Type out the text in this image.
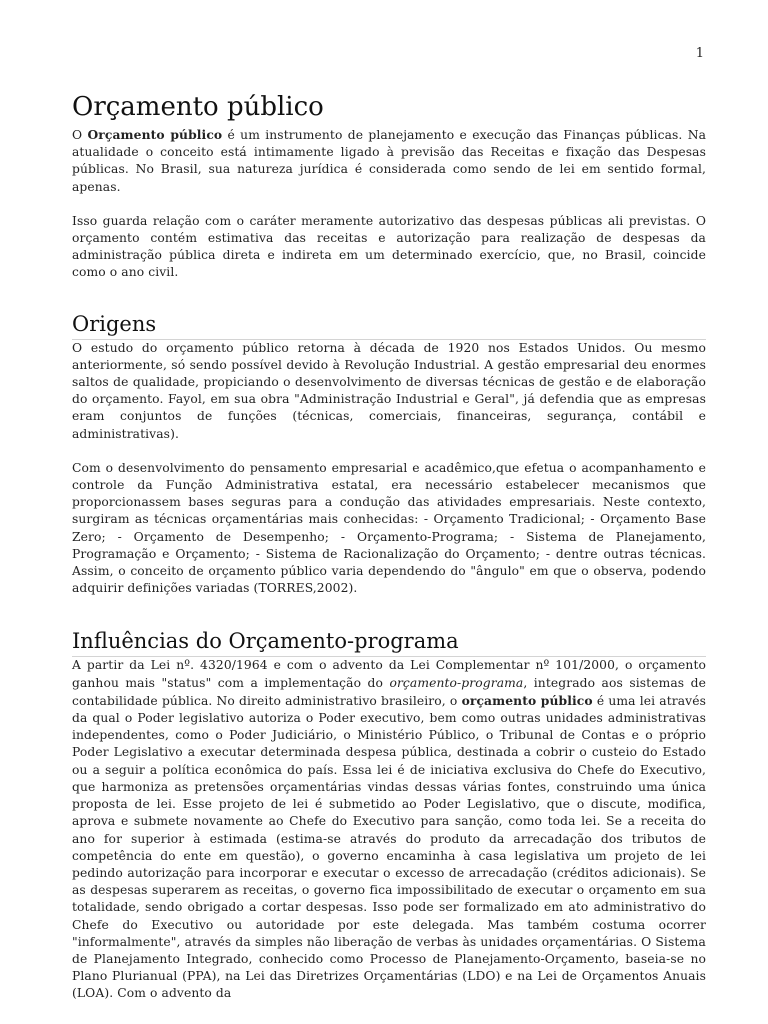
1
Orçamento público

O Orçamento público é um instrumento de planejamento e execução das Finanças públicas. Na atualidade o conceito está intimamente ligado à previsão das Receitas e fixação das Despesas públicas. No Brasil, sua natureza jurídica é considerada como sendo de lei em sentido formal, apenas.

Isso guarda relação com o caráter meramente autorizativo das despesas públicas ali previstas. O orçamento contém estimativa das receitas e autorização para realização de despesas da administração pública direta e indireta em um determinado exercício, que, no Brasil, coincide como o ano civil.

Origens

O estudo do orçamento público retorna à década de 1920 nos Estados Unidos. Ou mesmo anteriormente, só sendo possível devido à Revolução Industrial. A gestão empresarial deu enormes saltos de qualidade, propiciando o desenvolvimento de diversas técnicas de gestão e de elaboração do orçamento. Fayol, em sua obra "Administração Industrial e Geral", já defendia que as empresas eram conjuntos de funções (técnicas, comerciais, financeiras, segurança, contábil e administrativas).

Com o desenvolvimento do pensamento empresarial e acadêmico,que efetua o acompanhamento e controle da Função Administrativa estatal, era necessário estabelecer mecanismos que proporcionassem bases seguras para a condução das atividades empresariais. Neste contexto, surgiram as técnicas orçamentárias mais conhecidas: - Orçamento Tradicional; - Orçamento Base Zero; - Orçamento de Desempenho; - Orçamento-Programa; - Sistema de Planejamento, Programação e Orçamento; - Sistema de Racionalização do Orçamento; - dentre outras técnicas. Assim, o conceito de orçamento público varia dependendo do "ângulo" em que o observa, podendo adquirir definições variadas (TORRES,2002).

Influências do Orçamento-programa

A partir da Lei nº. 4320/1964 e com o advento da Lei Complementar nº 101/2000, o orçamento ganhou mais "status" com a implementação do orçamento-programa, integrado aos sistemas de contabilidade pública. No direito administrativo brasileiro, o orçamento público é uma lei através da qual o Poder legislativo autoriza o Poder executivo, bem como outras unidades administrativas independentes, como o Poder Judiciário, o Ministério Público, o Tribunal de Contas e o próprio Poder Legislativo a executar determinada despesa pública, destinada a cobrir o custeio do Estado ou a seguir a política econômica do país. Essa lei é de iniciativa exclusiva do Chefe do Executivo, que harmoniza as pretensões orçamentárias vindas dessas várias fontes, construindo uma única proposta de lei. Esse projeto de lei é submetido ao Poder Legislativo, que o discute, modifica, aprova e submete novamente ao Chefe do Executivo para sanção, como toda lei. Se a receita do ano for superior à estimada (estima-se através do produto da arrecadação dos tributos de competência do ente em questão), o governo encaminha à casa legislativa um projeto de lei pedindo autorização para incorporar e executar o excesso de arrecadação (créditos adicionais). Se as despesas superarem as receitas, o governo fica impossibilitado de executar o orçamento em sua totalidade, sendo obrigado a cortar despesas. Isso pode ser formalizado em ato administrativo do Chefe do Executivo ou autoridade por este delegada. Mas também costuma ocorrer "informalmente", através da simples não liberação de verbas às unidades orçamentárias. O Sistema de Planejamento Integrado, conhecido como Processo de Planejamento-Orçamento, baseia-se no Plano Plurianual (PPA), na Lei das Diretrizes Orçamentárias (LDO) e na Lei de Orçamentos Anuais (LOA). Com o advento da
